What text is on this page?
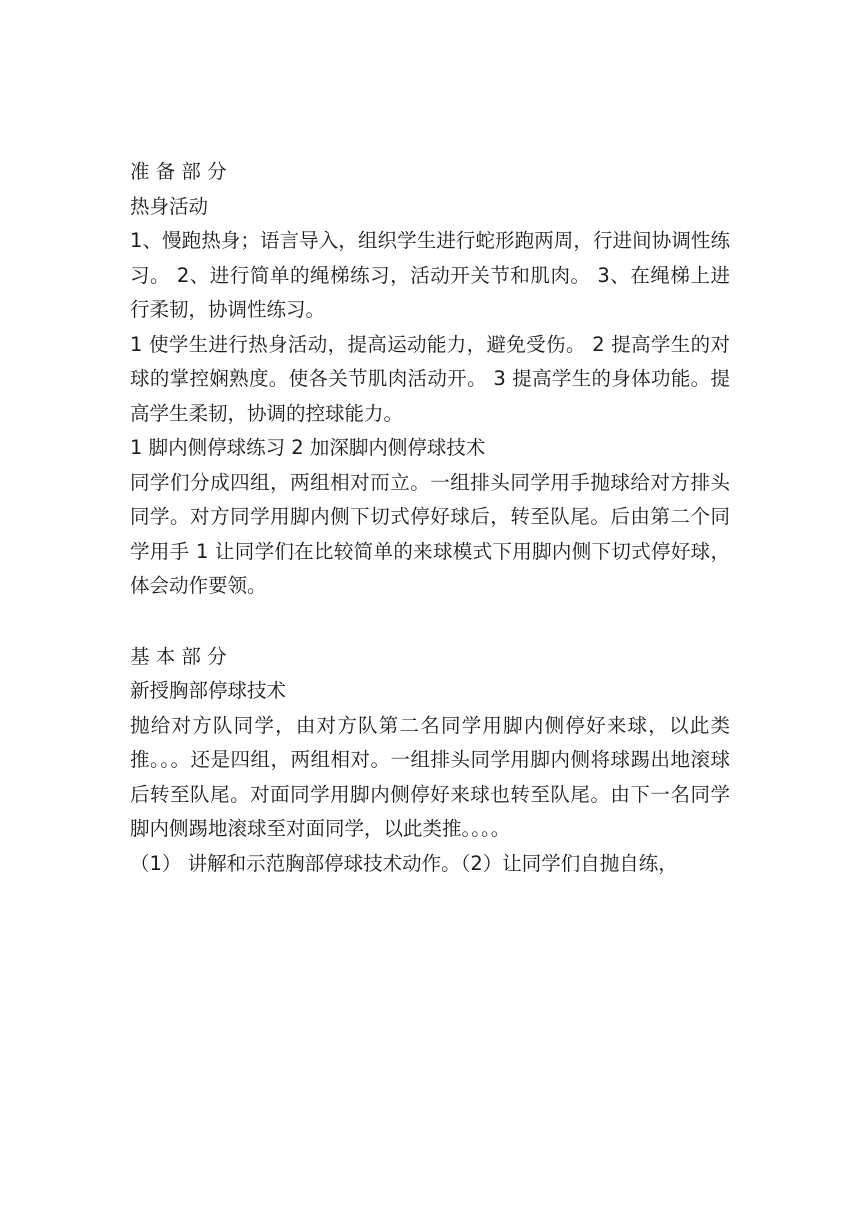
准 备 部 分

热身活动

1、慢跑热身；语言导入，组织学生进行蛇形跑两周，行进间协调性练习。 2、进行简单的绳梯练习，活动开关节和肌肉。 3、在绳梯上进行柔韧，协调性练习。

1 使学生进行热身活动，提高运动能力，避免受伤。 2 提高学生的对球的掌控娴熟度。使各关节肌肉活动开。 3 提高学生的身体功能。提高学生柔韧，协调的控球能力。

1 脚内侧停球练习 2 加深脚内侧停球技术

同学们分成四组，两组相对而立。一组排头同学用手抛球给对方排头同学。对方同学用脚内侧下切式停好球后，转至队尾。后由第二个同学用手 1 让同学们在比较简单的来球模式下用脚内侧下切式停好球，体会动作要领。

基 本 部 分

新授胸部停球技术

抛给对方队同学，由对方队第二名同学用脚内侧停好来球，以此类推。。。还是四组，两组相对。一组排头同学用脚内侧将球踢出地滚球后转至队尾。对面同学用脚内侧停好来球也转至队尾。由下一名同学脚内侧踢地滚球至对面同学，以此类推。。。。

（1） 讲解和示范胸部停球技术动作。（2）让同学们自抛自练，
